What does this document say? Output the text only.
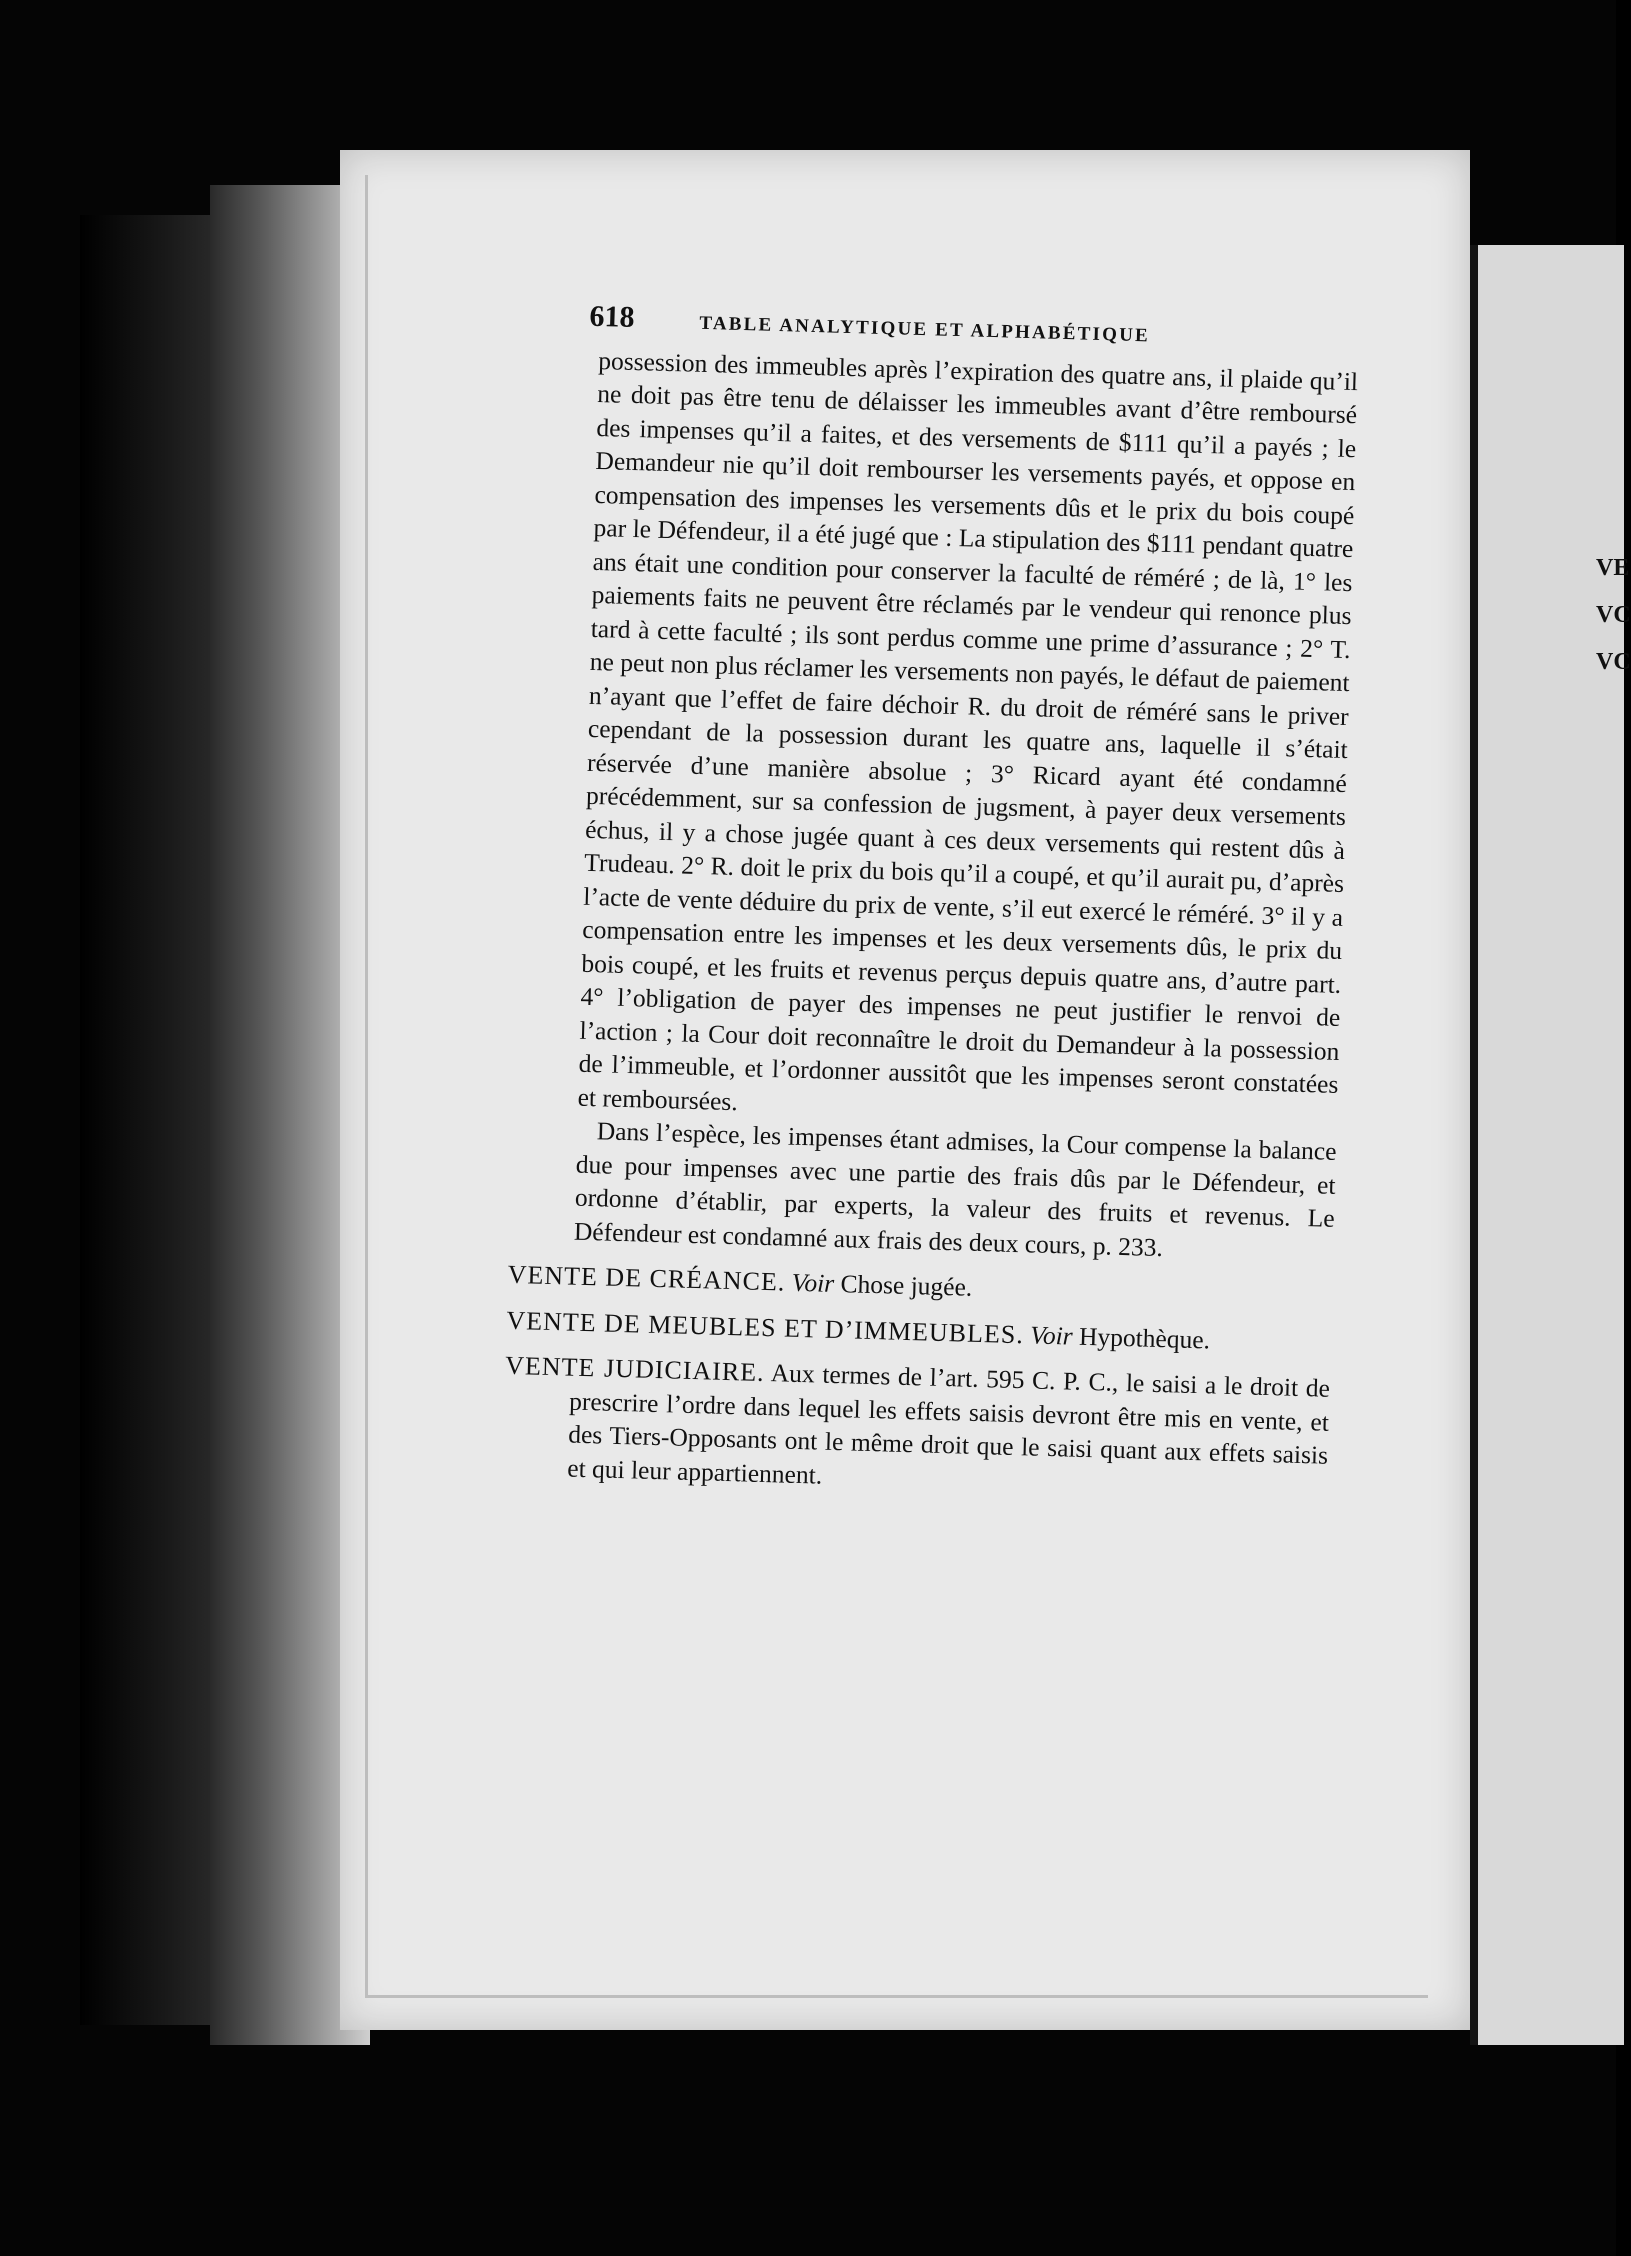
VE
VC
VC
618	TABLE ANALYTIQUE ET ALPHABÉTIQUE

possession des immeubles après l’expiration des quatre ans, il plaide qu’il ne doit pas être tenu de délaisser les immeubles avant d’être remboursé des impenses qu’il a faites, et des versements de $111 qu’il a payés ; le Demandeur nie qu’il doit rembourser les versements payés, et oppose en compensation des impenses les versements dûs et le prix du bois coupé par le Défendeur, il a été jugé que : La stipulation des $111 pendant quatre ans était une condition pour conserver la faculté de réméré ; de là, 1° les paiements faits ne peuvent être réclamés par le vendeur qui renonce plus tard à cette faculté ; ils sont perdus comme une prime d’assurance ; 2° T. ne peut non plus réclamer les versements non payés, le défaut de paiement n’ayant que l’effet de faire déchoir R. du droit de réméré sans le priver cependant de la possession durant les quatre ans, laquelle il s’était réservée d’une manière absolue ; 3° Ricard ayant été condamné précédemment, sur sa confession de jugsment, à payer deux versements échus, il y a chose jugée quant à ces deux versements qui restent dûs à Trudeau. 2° R. doit le prix du bois qu’il a coupé, et qu’il aurait pu, d’après l’acte de vente déduire du prix de vente, s’il eut exercé le réméré. 3° il y a compensation entre les impenses et les deux versements dûs, le prix du bois coupé, et les fruits et revenus perçus depuis quatre ans, d’autre part. 4° l’obligation de payer des impenses ne peut justifier le renvoi de l’action ; la Cour doit reconnaître le droit du Demandeur à la possession de l’immeuble, et l’ordonner aussitôt que les impenses seront constatées et remboursées.

Dans l’espèce, les impenses étant admises, la Cour compense la balance due pour impenses avec une partie des frais dûs par le Défendeur, et ordonne d’établir, par experts, la valeur des fruits et revenus. Le Défendeur est condamné aux frais des deux cours, p. 233.

VENTE DE CRÉANCE. Voir Chose jugée.

VENTE DE MEUBLES ET D’IMMEUBLES. Voir Hypothèque.

VENTE JUDICIAIRE. Aux termes de l’art. 595 C. P. C., le saisi a le droit de prescrire l’ordre dans lequel les effets saisis devront être mis en vente, et des Tiers-Opposants ont le même droit que le saisi quant aux effets saisis et qui leur appartiennent.
